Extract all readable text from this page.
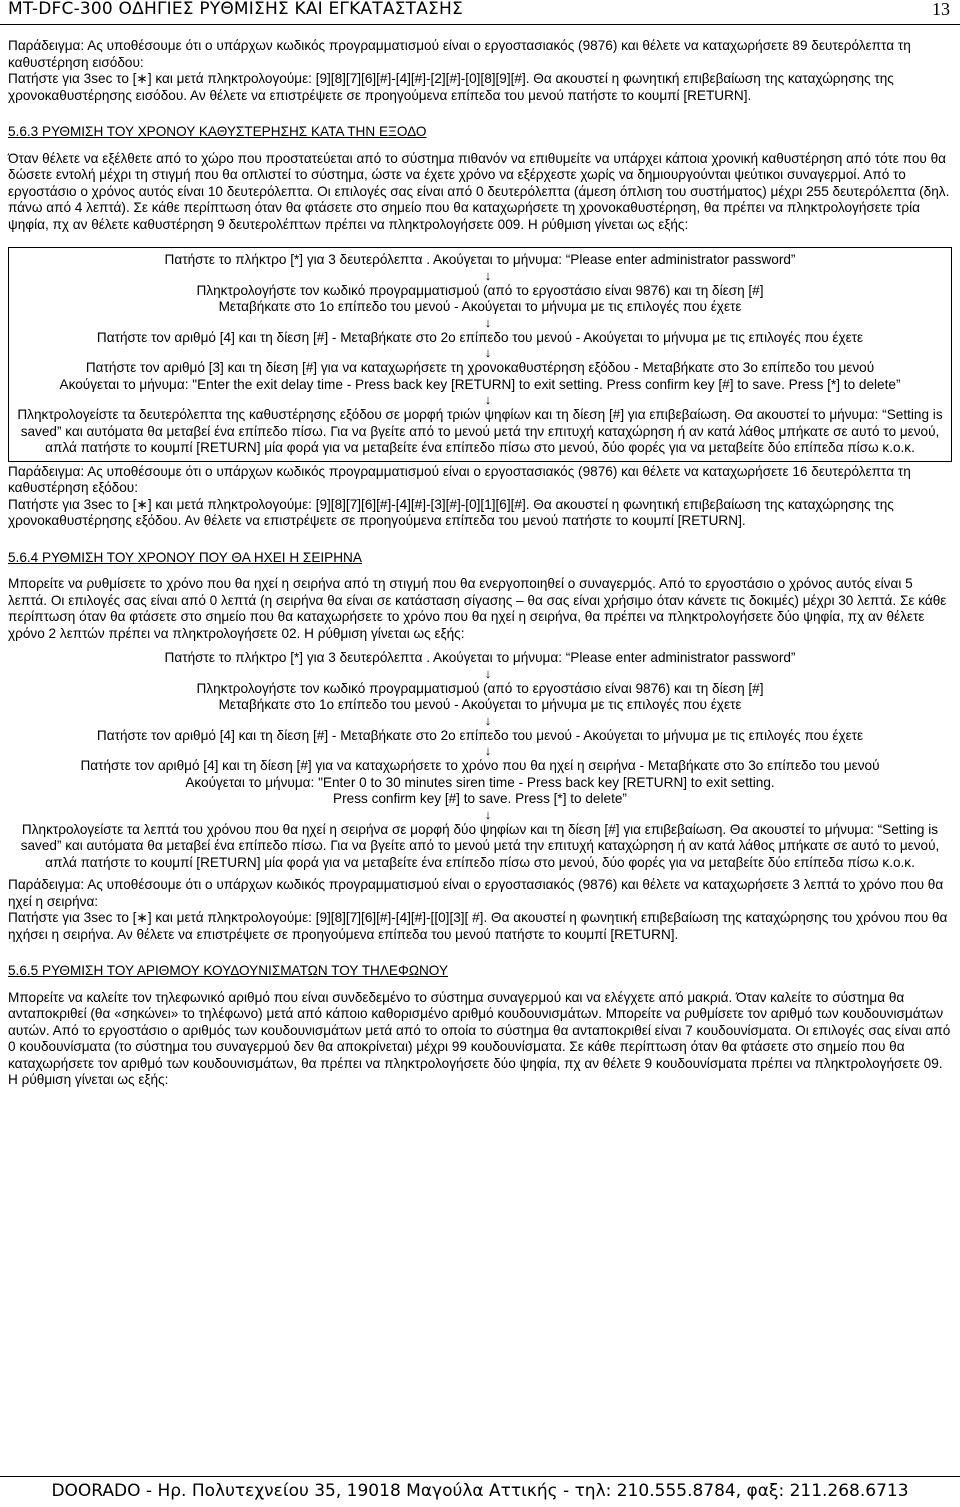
MT-DFC-300 ΟΔΗΓΙΕΣ ΡΥΘΜΙΣΗΣ ΚΑΙ ΕΓΚΑΤΑΣΤΑΣΗΣ	13

Παράδειγμα: Ας υποθέσουμε ότι ο υπάρχων κωδικός προγραμματισμού είναι ο εργοστασιακός (9876) και θέλετε να καταχωρήσετε 89 δευτερόλεπτα τη καθυστέρηση εισόδου:

Πατήστε για 3sec το [∗] και μετά πληκτρολογούμε: [9][8][7][6][#]-[4][#]-[2][#]-[0][8][9][#]. Θα ακουστεί η φωνητική επιβεβαίωση της καταχώρησης της χρονοκαθυστέρησης εισόδου. Αν θέλετε να επιστρέψετε σε προηγούμενα επίπεδα του μενού πατήστε το κουμπί [RETURN].

5.6.3 ΡΥΘΜΙΣΗ ΤΟΥ ΧΡΟΝΟΥ ΚΑΘΥΣΤΕΡΗΣΗΣ ΚΑΤΑ ΤΗΝ ΕΞΟΔΟ

Όταν θέλετε να εξέλθετε από το χώρο που προστατεύεται από το σύστημα πιθανόν να επιθυμείτε να υπάρχει κάποια χρονική καθυστέρηση από τότε που θα δώσετε εντολή μέχρι τη στιγμή που θα οπλιστεί το σύστημα, ώστε να έχετε χρόνο να εξέρχεστε χωρίς να δημιουργούνται ψεύτικοι συναγερμοί. Από το εργοστάσιο ο χρόνος αυτός είναι 10 δευτερόλεπτα. Οι επιλογές σας είναι από 0 δευτερόλεπτα (άμεση όπλιση του συστήματος) μέχρι 255 δευτερόλεπτα (δηλ. πάνω από 4 λεπτά). Σε κάθε περίπτωση όταν θα φτάσετε στο σημείο που θα καταχωρήσετε τη χρονοκαθυστέρηση, θα πρέπει να πληκτρολογήσετε τρία ψηφία, πχ αν θέλετε καθυστέρηση 9 δευτερολέπτων πρέπει να πληκτρολογήσετε 009. Η ρύθμιση γίνεται ως εξής:

Πατήστε το πλήκτρο [*] για 3 δευτερόλεπτα . Ακούγεται το μήνυμα: “Please enter administrator password”

↓

Πληκτρολογήστε τον κωδικό προγραμματισμού (από το εργοστάσιο είναι 9876) και τη δίεση [#]

Μεταβήκατε στο 1ο επίπεδο του μενού - Ακούγεται το μήνυμα με τις επιλογές που έχετε

↓

Πατήστε τον αριθμό [4] και τη δίεση [#] - Μεταβήκατε στο 2ο επίπεδο του μενού - Ακούγεται το μήνυμα με τις επιλογές που έχετε

↓

Πατήστε τον αριθμό [3] και τη δίεση [#] για να καταχωρήσετε τη χρονοκαθυστέρηση εξόδου - Μεταβήκατε στο 3ο επίπεδο του μενού

Ακούγεται το μήνυμα: "Enter the exit delay time - Press back key [RETURN] to exit setting. Press confirm key [#] to save. Press [*] to delete”

↓

Πληκτρολογείστε τα δευτερόλεπτα της καθυστέρησης εξόδου σε μορφή τριών ψηφίων και τη δίεση [#] για επιβεβαίωση. Θα ακουστεί το μήνυμα: “Setting is saved” και αυτόματα θα μεταβεί ένα επίπεδο πίσω. Για να βγείτε από το μενού μετά την επιτυχή καταχώρηση ή αν κατά λάθος μπήκατε σε αυτό το μενού, απλά πατήστε το κουμπί [RETURN] μία φορά για να μεταβείτε ένα επίπεδο πίσω στο μενού, δύο φορές για να μεταβείτε δύο επίπεδα πίσω κ.ο.κ.

Παράδειγμα: Ας υποθέσουμε ότι ο υπάρχων κωδικός προγραμματισμού είναι ο εργοστασιακός (9876) και θέλετε να καταχωρήσετε 16 δευτερόλεπτα τη καθυστέρηση εξόδου:

Πατήστε για 3sec το [∗] και μετά πληκτρολογούμε: [9][8][7][6][#]-[4][#]-[3][#]-[0][1][6][#]. Θα ακουστεί η φωνητική επιβεβαίωση της καταχώρησης της χρονοκαθυστέρησης εξόδου. Αν θέλετε να επιστρέψετε σε προηγούμενα επίπεδα του μενού πατήστε το κουμπί [RETURN].

5.6.4 ΡΥΘΜΙΣΗ ΤΟΥ ΧΡΟΝΟΥ ΠΟΥ ΘΑ ΗΧΕΙ Η ΣΕΙΡΗΝΑ

Μπορείτε να ρυθμίσετε το χρόνο που θα ηχεί η σειρήνα από τη στιγμή που θα ενεργοποιηθεί ο συναγερμός. Από το εργοστάσιο ο χρόνος αυτός είναι 5 λεπτά. Οι επιλογές σας είναι από 0 λεπτά (η σειρήνα θα είναι σε κατάσταση σίγασης – θα σας είναι χρήσιμο όταν κάνετε τις δοκιμές) μέχρι 30 λεπτά. Σε κάθε περίπτωση όταν θα φτάσετε στο σημείο που θα καταχωρήσετε το χρόνο που θα ηχεί η σειρήνα, θα πρέπει να πληκτρολογήσετε δύο ψηφία, πχ αν θέλετε χρόνο 2 λεπτών πρέπει να πληκτρολογήσετε 02. Η ρύθμιση γίνεται ως εξής:

Πατήστε το πλήκτρο [*] για 3 δευτερόλεπτα . Ακούγεται το μήνυμα: “Please enter administrator password”

↓

Πληκτρολογήστε τον κωδικό προγραμματισμού (από το εργοστάσιο είναι 9876) και τη δίεση [#]

Μεταβήκατε στο 1ο επίπεδο του μενού - Ακούγεται το μήνυμα με τις επιλογές που έχετε

↓

Πατήστε τον αριθμό [4] και τη δίεση [#] - Μεταβήκατε στο 2ο επίπεδο του μενού - Ακούγεται το μήνυμα με τις επιλογές που έχετε

↓

Πατήστε τον αριθμό [4] και τη δίεση [#] για να καταχωρήσετε το χρόνο που θα ηχεί η σειρήνα - Μεταβήκατε στο 3ο επίπεδο του μενού

Ακούγεται το μήνυμα: "Enter 0 to 30 minutes siren time - Press back key [RETURN] to exit setting.

Press confirm key [#] to save. Press [*] to delete”

↓

Πληκτρολογείστε τα λεπτά του χρόνου που θα ηχεί η σειρήνα σε μορφή δύο ψηφίων και τη δίεση [#] για επιβεβαίωση. Θα ακουστεί το μήνυμα: “Setting is saved” και αυτόματα θα μεταβεί ένα επίπεδο πίσω. Για να βγείτε από το μενού μετά την επιτυχή καταχώρηση ή αν κατά λάθος μπήκατε σε αυτό το μενού, απλά πατήστε το κουμπί [RETURN] μία φορά για να μεταβείτε ένα επίπεδο πίσω στο μενού, δύο φορές για να μεταβείτε δύο επίπεδα πίσω κ.ο.κ.

Παράδειγμα: Ας υποθέσουμε ότι ο υπάρχων κωδικός προγραμματισμού είναι ο εργοστασιακός (9876) και θέλετε να καταχωρήσετε 3 λεπτά το χρόνο που θα ηχεί η σειρήνα:

Πατήστε για 3sec το [∗] και μετά πληκτρολογούμε: [9][8][7][6][#]-[4][#]-[[0][3][ #]. Θα ακουστεί η φωνητική επιβεβαίωση της καταχώρησης του χρόνου που θα ηχήσει η σειρήνα. Αν θέλετε να επιστρέψετε σε προηγούμενα επίπεδα του μενού πατήστε το κουμπί [RETURN].

5.6.5 ΡΥΘΜΙΣΗ ΤΟΥ ΑΡΙΘΜΟΥ ΚΟΥΔΟΥΝΙΣΜΑΤΩΝ ΤΟΥ ΤΗΛΕΦΩΝΟΥ

Μπορείτε να καλείτε τον τηλεφωνικό αριθμό που είναι συνδεδεμένο το σύστημα συναγερμού και να ελέγχετε από μακριά. Όταν καλείτε το σύστημα θα ανταποκριθεί (θα «σηκώνει» το τηλέφωνο) μετά από κάποιο καθορισμένο αριθμό κουδουνισμάτων. Μπορείτε να ρυθμίσετε τον αριθμό των κουδουνισμάτων αυτών. Από το εργοστάσιο ο αριθμός των κουδουνισμάτων μετά από το οποία το σύστημα θα ανταποκριθεί είναι 7 κουδουνίσματα. Οι επιλογές σας είναι από 0 κουδουνίσματα (το σύστημα του συναγερμού δεν θα αποκρίνεται) μέχρι 99 κουδουνίσματα. Σε κάθε περίπτωση όταν θα φτάσετε στο σημείο που θα καταχωρήσετε τον αριθμό των κουδουνισμάτων, θα πρέπει να πληκτρολογήσετε δύο ψηφία, πχ αν θέλετε 9 κουδουνίσματα πρέπει να πληκτρολογήσετε 09. Η ρύθμιση γίνεται ως εξής:

DOORADO - Ηρ. Πολυτεχνείου 35, 19018 Μαγούλα Αττικής - τηλ: 210.555.8784, φαξ: 211.268.6713
